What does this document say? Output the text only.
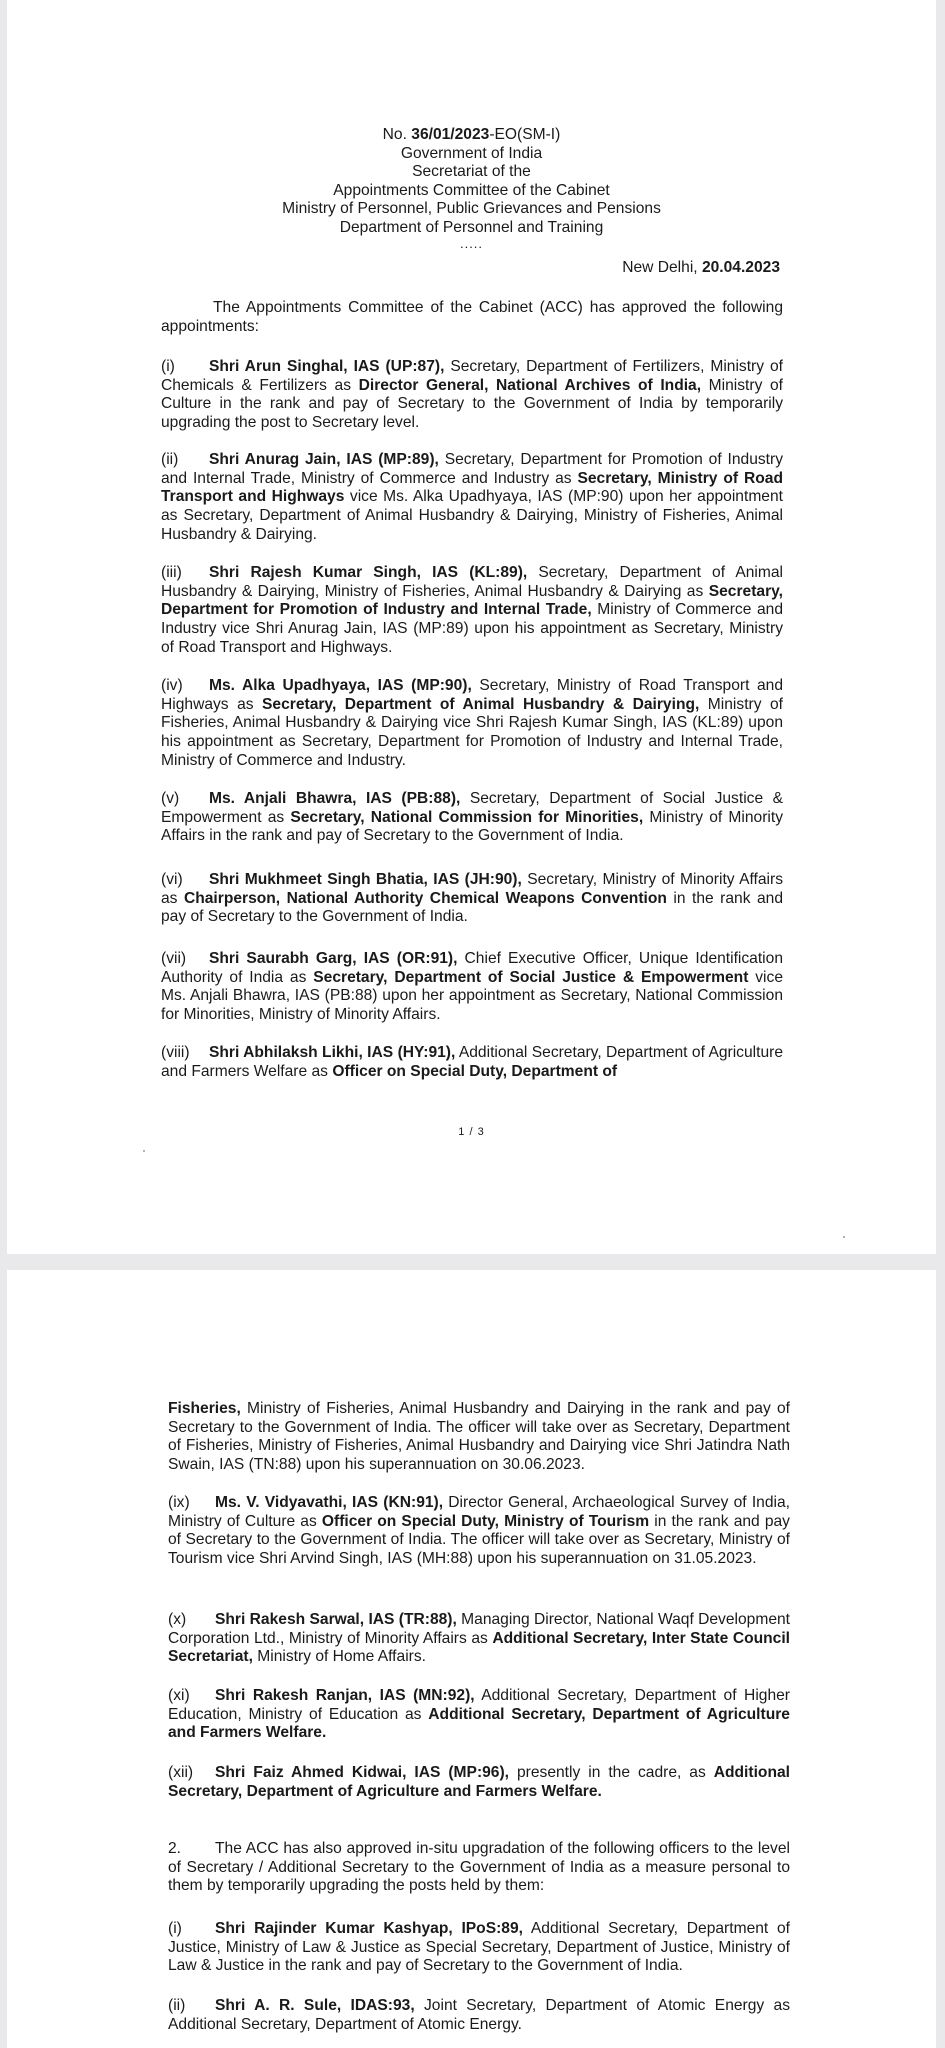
No. 36/01/2023-EO(SM-I)
Government of India
Secretariat of the
Appointments Committee of the Cabinet
Ministry of Personnel, Public Grievances and Pensions
Department of Personnel and Training
.....
New Delhi, 20.04.2023

The Appointments Committee of the Cabinet (ACC) has approved the following appointments:

(i) Shri Arun Singhal, IAS (UP:87), Secretary, Department of Fertilizers, Ministry of Chemicals & Fertilizers as Director General, National Archives of India, Ministry of Culture in the rank and pay of Secretary to the Government of India by temporarily upgrading the post to Secretary level.

(ii) Shri Anurag Jain, IAS (MP:89), Secretary, Department for Promotion of Industry and Internal Trade, Ministry of Commerce and Industry as Secretary, Ministry of Road Transport and Highways vice Ms. Alka Upadhyaya, IAS (MP:90) upon her appointment as Secretary, Department of Animal Husbandry & Dairying, Ministry of Fisheries, Animal Husbandry & Dairying.

(iii) Shri Rajesh Kumar Singh, IAS (KL:89), Secretary, Department of Animal Husbandry & Dairying, Ministry of Fisheries, Animal Husbandry & Dairying as Secretary, Department for Promotion of Industry and Internal Trade, Ministry of Commerce and Industry vice Shri Anurag Jain, IAS (MP:89) upon his appointment as Secretary, Ministry of Road Transport and Highways.

(iv) Ms. Alka Upadhyaya, IAS (MP:90), Secretary, Ministry of Road Transport and Highways as Secretary, Department of Animal Husbandry & Dairying, Ministry of Fisheries, Animal Husbandry & Dairying vice Shri Rajesh Kumar Singh, IAS (KL:89) upon his appointment as Secretary, Department for Promotion of Industry and Internal Trade, Ministry of Commerce and Industry.

(v) Ms. Anjali Bhawra, IAS (PB:88), Secretary, Department of Social Justice & Empowerment as Secretary, National Commission for Minorities, Ministry of Minority Affairs in the rank and pay of Secretary to the Government of India.

(vi) Shri Mukhmeet Singh Bhatia, IAS (JH:90), Secretary, Ministry of Minority Affairs as Chairperson, National Authority Chemical Weapons Convention in the rank and pay of Secretary to the Government of India.

(vii) Shri Saurabh Garg, IAS (OR:91), Chief Executive Officer, Unique Identification Authority of India as Secretary, Department of Social Justice & Empowerment vice Ms. Anjali Bhawra, IAS (PB:88) upon her appointment as Secretary, National Commission for Minorities, Ministry of Minority Affairs.

(viii) Shri Abhilaksh Likhi, IAS (HY:91), Additional Secretary, Department of Agriculture and Farmers Welfare as Officer on Special Duty, Department of

1 / 3

Fisheries, Ministry of Fisheries, Animal Husbandry and Dairying in the rank and pay of Secretary to the Government of India. The officer will take over as Secretary, Department of Fisheries, Ministry of Fisheries, Animal Husbandry and Dairying vice Shri Jatindra Nath Swain, IAS (TN:88) upon his superannuation on 30.06.2023.

(ix) Ms. V. Vidyavathi, IAS (KN:91), Director General, Archaeological Survey of India, Ministry of Culture as Officer on Special Duty, Ministry of Tourism in the rank and pay of Secretary to the Government of India. The officer will take over as Secretary, Ministry of Tourism vice Shri Arvind Singh, IAS (MH:88) upon his superannuation on 31.05.2023.

(x) Shri Rakesh Sarwal, IAS (TR:88), Managing Director, National Waqf Development Corporation Ltd., Ministry of Minority Affairs as Additional Secretary, Inter State Council Secretariat, Ministry of Home Affairs.

(xi) Shri Rakesh Ranjan, IAS (MN:92), Additional Secretary, Department of Higher Education, Ministry of Education as Additional Secretary, Department of Agriculture and Farmers Welfare.

(xii) Shri Faiz Ahmed Kidwai, IAS (MP:96), presently in the cadre, as Additional Secretary, Department of Agriculture and Farmers Welfare.

2. The ACC has also approved in-situ upgradation of the following officers to the level of Secretary / Additional Secretary to the Government of India as a measure personal to them by temporarily upgrading the posts held by them:

(i) Shri Rajinder Kumar Kashyap, IPoS:89, Additional Secretary, Department of Justice, Ministry of Law & Justice as Special Secretary, Department of Justice, Ministry of Law & Justice in the rank and pay of Secretary to the Government of India.

(ii) Shri A. R. Sule, IDAS:93, Joint Secretary, Department of Atomic Energy as Additional Secretary, Department of Atomic Energy.
